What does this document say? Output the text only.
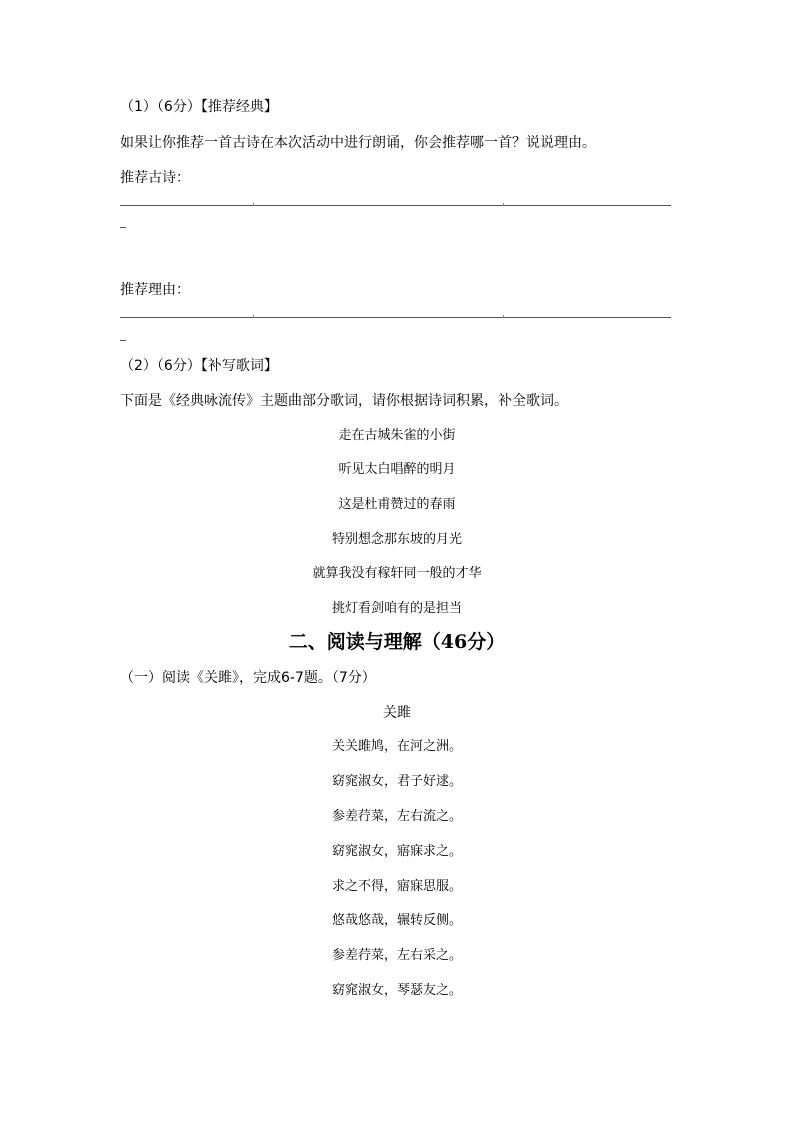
（1）（6分）【推荐经典】
如果让你推荐一首古诗在本次活动中进行朗诵，你会推荐哪一首？说说理由。
推荐古诗：
推荐理由：
（2）（6分）【补写歌词】
下面是《经典咏流传》主题曲部分歌词，请你根据诗词积累，补全歌词。
走在古城朱雀的小街
听见太白唱醉的明月
这是杜甫赞过的春雨
特别想念那东坡的月光
就算我没有稼轩同一般的才华
挑灯看剑咱有的是担当
二、阅读与理解（46分）
（一）阅读《关雎》，完成6-7题。（7分）
关雎
关关雎鸠，在河之洲。
窈窕淑女，君子好逑。
参差荇菜，左右流之。
窈窕淑女，寤寐求之。
求之不得，寤寐思服。
悠哉悠哉，辗转反侧。
参差荇菜，左右采之。
窈窕淑女，琴瑟友之。
